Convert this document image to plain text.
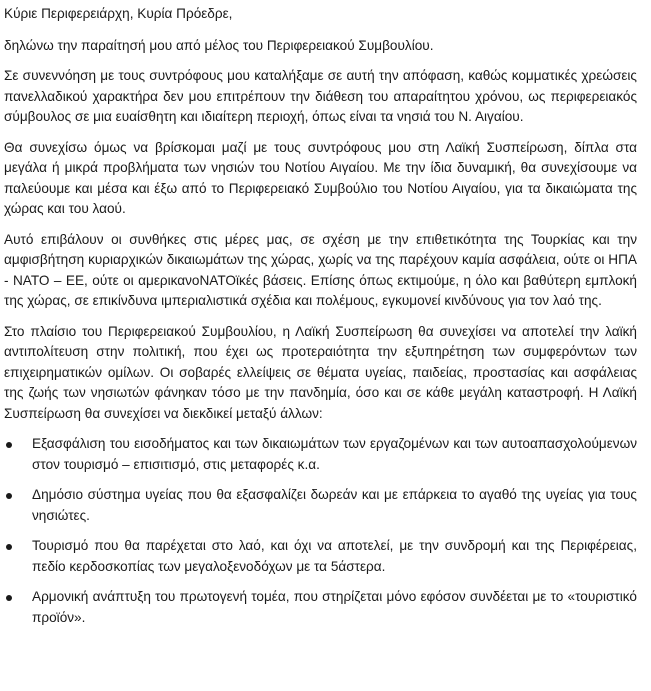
Κύριε Περιφερειάρχη, Κυρία Πρόεδρε,
δηλώνω την παραίτησή μου από μέλος του Περιφερειακού Συμβουλίου.
Σε συνεννόηση με τους συντρόφους μου καταλήξαμε σε αυτή την απόφαση, καθώς κομματικές χρεώσεις πανελλαδικού χαρακτήρα δεν μου επιτρέπουν την διάθεση του απαραίτητου χρόνου, ως περιφερειακός σύμβουλος σε μια ευαίσθητη και ιδιαίτερη περιοχή, όπως είναι τα νησιά του Ν. Αιγαίου.
Θα συνεχίσω όμως να βρίσκομαι μαζί με τους συντρόφους μου στη Λαϊκή Συσπείρωση, δίπλα στα μεγάλα ή μικρά προβλήματα των νησιών του Νοτίου Αιγαίου. Με την ίδια δυναμική, θα συνεχίσουμε να παλεύουμε και μέσα και έξω από το Περιφερειακό Συμβούλιο του Νοτίου Αιγαίου, για τα δικαιώματα της χώρας και του λαού.
Αυτό επιβάλουν οι συνθήκες στις μέρες μας, σε σχέση με την επιθετικότητα της Τουρκίας και την αμφισβήτηση κυριαρχικών δικαιωμάτων της χώρας, χωρίς να της παρέχουν καμία ασφάλεια, ούτε οι ΗΠΑ - ΝΑΤΟ – ΕΕ, ούτε οι αμερικανοΝΑΤΟϊκές βάσεις. Επίσης όπως εκτιμούμε, η όλο και βαθύτερη εμπλοκή της χώρας, σε επικίνδυνα ιμπεριαλιστικά σχέδια και πολέμους, εγκυμονεί κινδύνους για τον λαό της.
Στο πλαίσιο του Περιφερειακού Συμβουλίου, η Λαϊκή Συσπείρωση θα συνεχίσει να αποτελεί την λαϊκή αντιπολίτευση στην πολιτική, που έχει ως προτεραιότητα την εξυπηρέτηση των συμφερόντων των επιχειρηματικών ομίλων. Οι σοβαρές ελλείψεις σε θέματα υγείας, παιδείας, προστασίας και ασφάλειας της ζωής των νησιωτών φάνηκαν τόσο με την πανδημία, όσο και σε κάθε μεγάλη καταστροφή. Η Λαϊκή Συσπείρωση θα συνεχίσει να διεκδικεί μεταξύ άλλων:
Εξασφάλιση του εισοδήματος και των δικαιωμάτων των εργαζομένων και των αυτοαπασχολούμενων στον τουρισμό – επισιτισμό, στις μεταφορές κ.α.
Δημόσιο σύστημα υγείας που θα εξασφαλίζει δωρεάν και με επάρκεια το αγαθό της υγείας για τους νησιώτες.
Τουρισμό που θα παρέχεται στο λαό, και όχι να αποτελεί, με την συνδρομή και της Περιφέρειας, πεδίο κερδοσκοπίας των μεγαλοξενοδόχων με τα 5άστερα.
Αρμονική ανάπτυξη του πρωτογενή τομέα, που στηρίζεται μόνο εφόσον συνδέεται με το «τουριστικό προϊόν».
